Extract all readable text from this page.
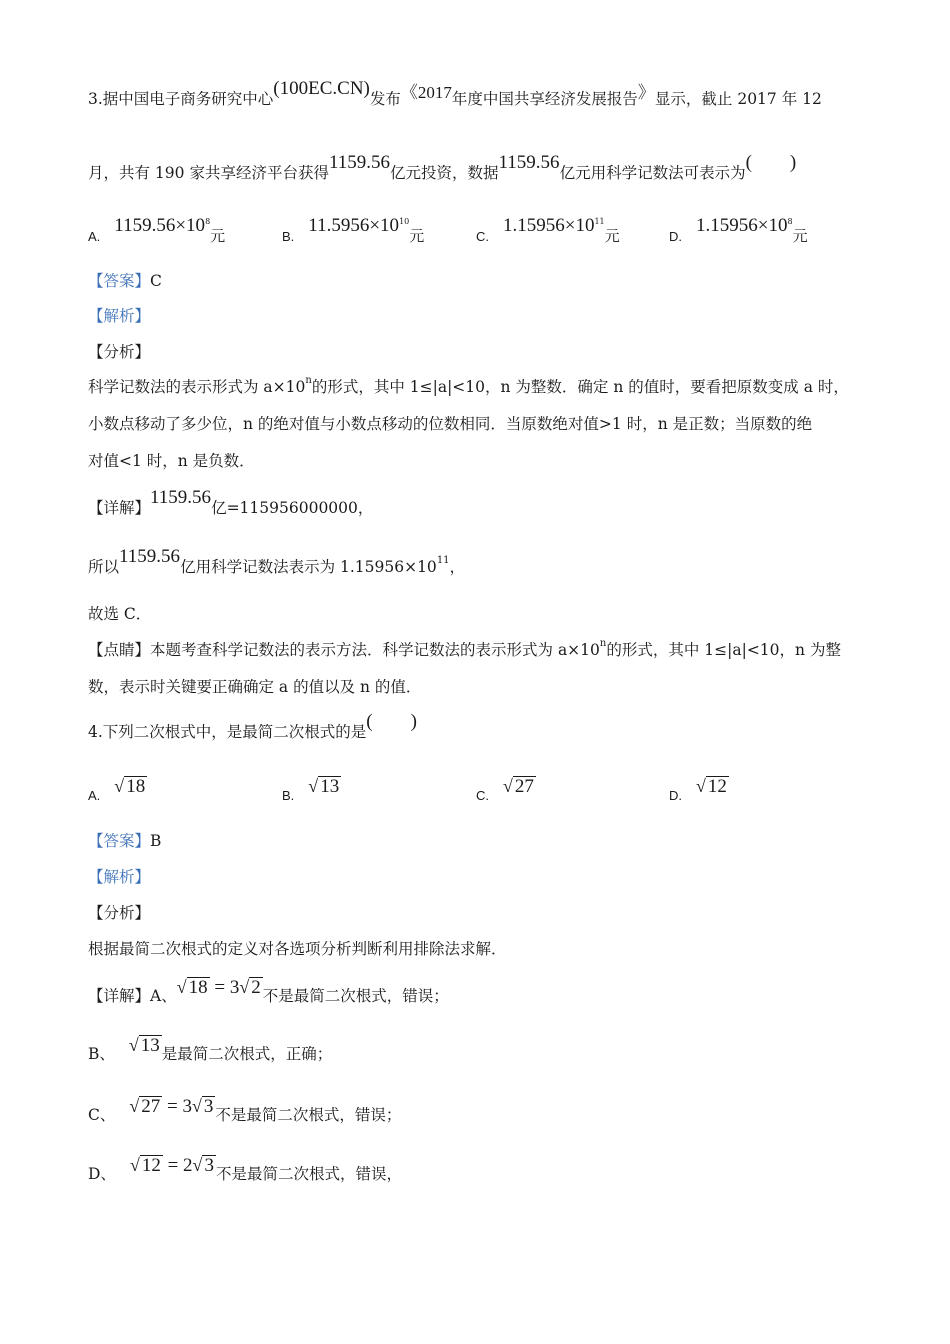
3.据中国电子商务研究中心(100EC.CN)发布《2017年度中国共享经济发展报告》显示，截止 2017 年 12
月，共有 190 家共享经济平台获得1159.56亿元投资，数据1159.56亿元用科学记数法可表示为(　　)
$A.1159.56\times 10^8$元	$B.11.5956\times 10^{10}$元	$C.1.15956\times 10^{11}$元	$D.1.15956\times 10^8$元
【答案】C
【解析】
【分析】
科学记数法的表示形式为 $a\times 10^n$的形式，其中 1≤|a|<10，n 为整数．确定 n 的值时，要看把原数变成 a 时，
小数点移动了多少位，n 的绝对值与小数点移动的位数相同．当原数绝对值>1 时，n 是正数；当原数的绝
对值<1 时，n 是负数．
【详解】1159.56亿=115956000000，
所以1159.56亿用科学记数法表示为 $1.15956\times 10^{11}$，
故选 C．
【点睛】本题考查科学记数法的表示方法．科学记数法的表示形式为 $a\times 10^n$的形式，其中 1≤|a|<10，n 为整
数，表示时关键要正确确定 a 的值以及 n 的值．
4.下列二次根式中，是最简二次根式的是(　　)
A. √ 18	B. √ 13	C. √ 27	D. √ 12
【答案】B
【解析】
【分析】
根据最简二次根式的定义对各选项分析判断利用排除法求解．
【详解】A、√ 18 = 3√ 2 不是最简二次根式，错误；
B、 √ 13 是最简二次根式，正确；
C、 √ 27 = 3√ 3 不是最简二次根式，错误；
D、 √ 12 = 2√ 3 不是最简二次根式，错误，
